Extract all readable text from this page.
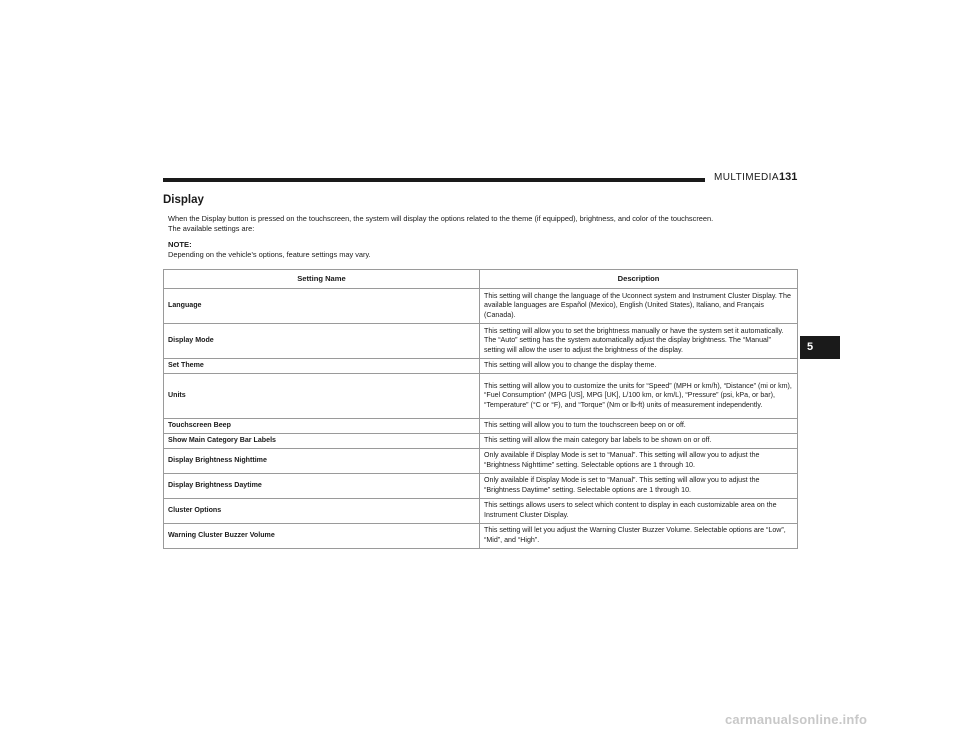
MULTIMEDIA 131
Display

When the Display button is pressed on the touchscreen, the system will display the options related to the theme (if equipped), brightness, and color of the touchscreen.

The available settings are:

NOTE:
Depending on the vehicle’s options, feature settings may vary.
Setting Name	Description
Language	This setting will change the language of the Uconnect system and Instrument Cluster Display. The available languages are Español (Mexico), English (United States), Italiano, and Français (Canada).
Display Mode	This setting will allow you to set the brightness manually or have the system set it automatically. The “Auto” setting has the system automatically adjust the display brightness. The “Manual” setting will allow the user to adjust the brightness of the display.
Set Theme	This setting will allow you to change the display theme.
Units	This setting will allow you to customize the units for “Speed” (MPH or km/h), “Distance” (mi or km), “Fuel Consumption” (MPG [US], MPG [UK], L/100 km, or km/L), “Pressure” (psi, kPa, or bar), “Temperature” (°C or °F), and “Torque” (Nm or lb-ft) units of measurement independently.
Touchscreen Beep	This setting will allow you to turn the touchscreen beep on or off.
Show Main Category Bar Labels	This setting will allow the main category bar labels to be shown on or off.
Display Brightness Nighttime	Only available if Display Mode is set to “Manual”. This setting will allow you to adjust the “Brightness Nighttime” setting. Selectable options are 1 through 10.
Display Brightness Daytime	Only available if Display Mode is set to “Manual”. This setting will allow you to adjust the “Brightness Daytime” setting. Selectable options are 1 through 10.
Cluster Options	This settings allows users to select which content to display in each customizable area on the Instrument Cluster Display.
Warning Cluster Buzzer Volume	This setting will let you adjust the Warning Cluster Buzzer Volume. Selectable options are “Low”, “Mid”, and “High”.
5
carmanualsonline.info
